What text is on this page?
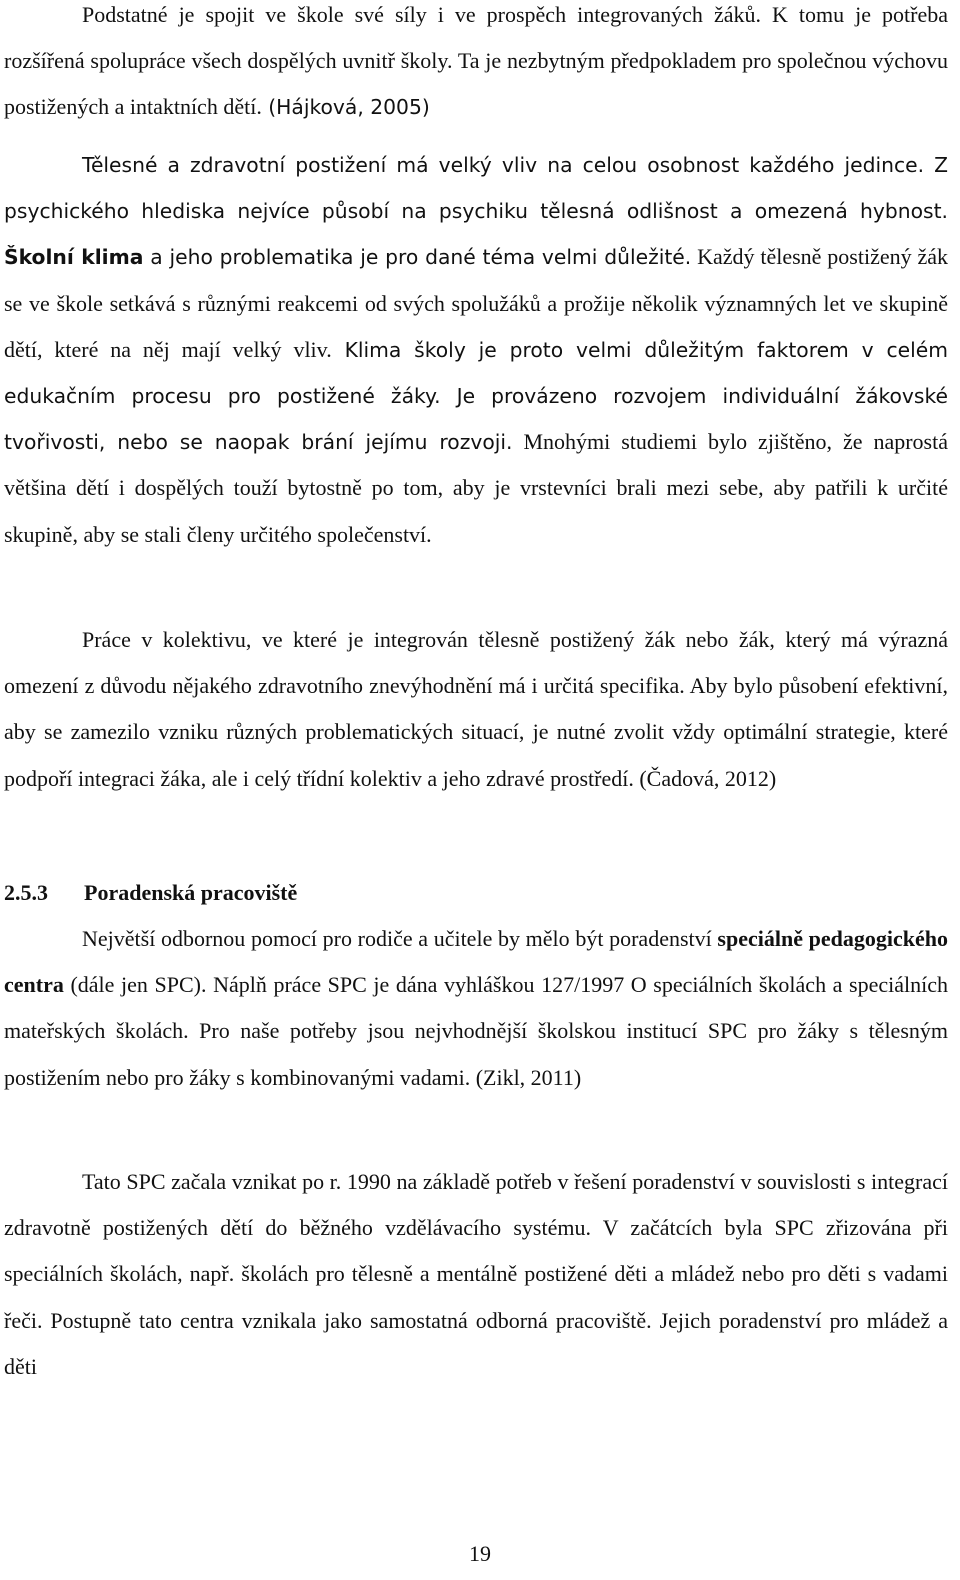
Podstatné je spojit ve škole své síly i ve prospěch integrovaných žáků. K tomu je potřeba rozšířená spolupráce všech dospělých uvnitř školy. Ta je nezbytným předpokladem pro společnou výchovu postižených a intaktních dětí. (Hájková, 2005)

Tělesné a zdravotní postižení má velký vliv na celou osobnost každého jedince. Z psychického hlediska nejvíce působí na psychiku tělesná odlišnost a omezená hybnost. Školní klima a jeho problematika je pro dané téma velmi důležité. Každý tělesně postižený žák se ve škole setkává s různými reakcemi od svých spolužáků a prožije několik významných let ve skupině dětí, které na něj mají velký vliv. Klima školy je proto velmi důležitým faktorem v celém edukačním procesu pro postižené žáky. Je provázeno rozvojem individuální žákovské tvořivosti, nebo se naopak brání jejímu rozvoji. Mnohými studiemi bylo zjištěno, že naprostá většina dětí i dospělých touží bytostně po tom, aby je vrstevníci brali mezi sebe, aby patřili k určité skupině, aby se stali členy určitého společenství.

Práce v kolektivu, ve které je integrován tělesně postižený žák nebo žák, který má výrazná omezení z důvodu nějakého zdravotního znevýhodnění má i určitá specifika. Aby bylo působení efektivní, aby se zamezilo vzniku různých problematických situací, je nutné zvolit vždy optimální strategie, které podpoří integraci žáka, ale i celý třídní kolektiv a jeho zdravé prostředí. (Čadová, 2012)

2.5.3 Poradenská pracoviště

Největší odbornou pomocí pro rodiče a učitele by mělo být poradenství speciálně pedagogického centra (dále jen SPC). Náplň práce SPC je dána vyhláškou 127/1997 O speciálních školách a speciálních mateřských školách. Pro naše potřeby jsou nejvhodnější školskou institucí SPC pro žáky s tělesným postižením nebo pro žáky s kombinovanými vadami. (Zikl, 2011)

Tato SPC začala vznikat po r. 1990 na základě potřeb v řešení poradenství v souvislosti s integrací zdravotně postižených dětí do běžného vzdělávacího systému. V začátcích byla SPC zřizována při speciálních školách, např. školách pro tělesně a mentálně postižené děti a mládež nebo pro děti s vadami řeči. Postupně tato centra vznikala jako samostatná odborná pracoviště. Jejich poradenství pro mládež a děti

19
